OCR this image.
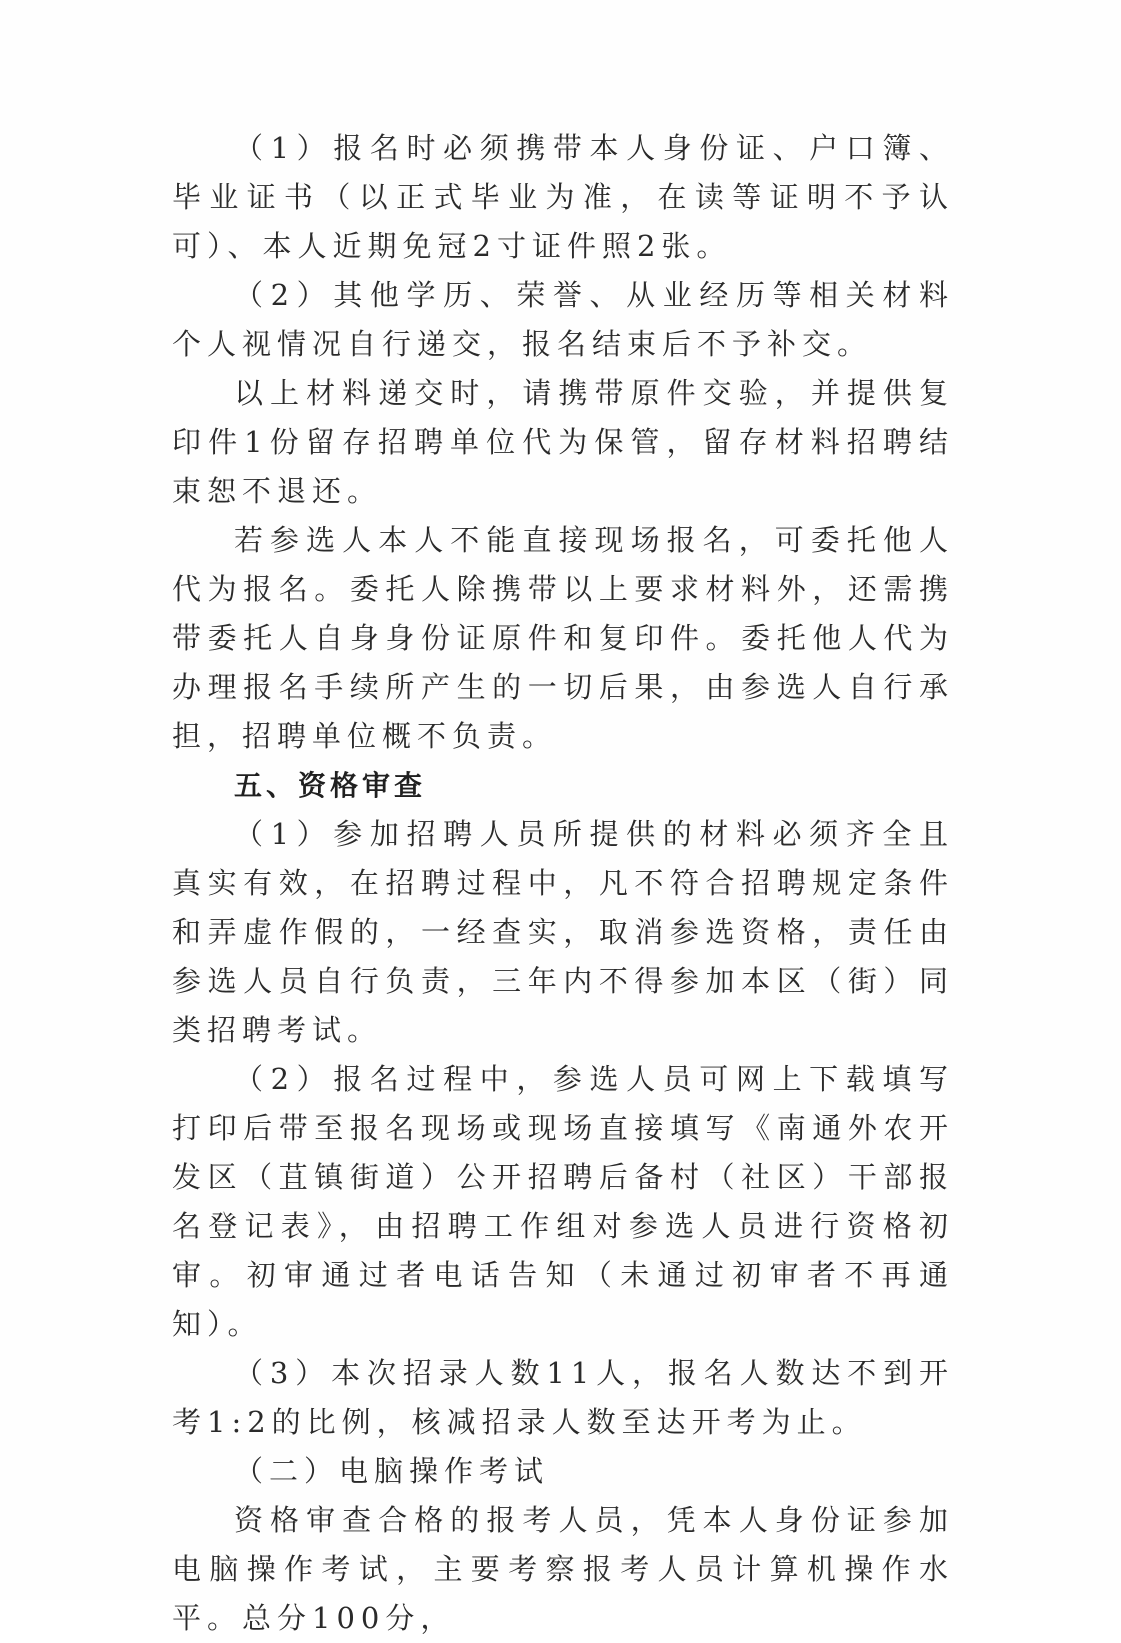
（1）报名时必须携带本人身份证、户口簿、毕业证书（以正式毕业为准，在读等证明不予认可）、本人近期免冠2寸证件照2张。

（2）其他学历、荣誉、从业经历等相关材料个人视情况自行递交，报名结束后不予补交。

以上材料递交时，请携带原件交验，并提供复印件1份留存招聘单位代为保管，留存材料招聘结束恕不退还。

若参选人本人不能直接现场报名，可委托他人代为报名。委托人除携带以上要求材料外，还需携带委托人自身身份证原件和复印件。委托他人代为办理报名手续所产生的一切后果，由参选人自行承担，招聘单位概不负责。

五、资格审查

（1）参加招聘人员所提供的材料必须齐全且真实有效，在招聘过程中，凡不符合招聘规定条件和弄虚作假的，一经查实，取消参选资格，责任由参选人员自行负责，三年内不得参加本区（街）同类招聘考试。

（2）报名过程中，参选人员可网上下载填写打印后带至报名现场或现场直接填写《南通外农开发区（苴镇街道）公开招聘后备村（社区）干部报名登记表》，由招聘工作组对参选人员进行资格初审。初审通过者电话告知（未通过初审者不再通知）。

（3）本次招录人数11人，报名人数达不到开考1:2的比例，核减招录人数至达开考为止。

（二）电脑操作考试

资格审查合格的报考人员，凭本人身份证参加电脑操作考试，主要考察报考人员计算机操作水平。总分100分，
